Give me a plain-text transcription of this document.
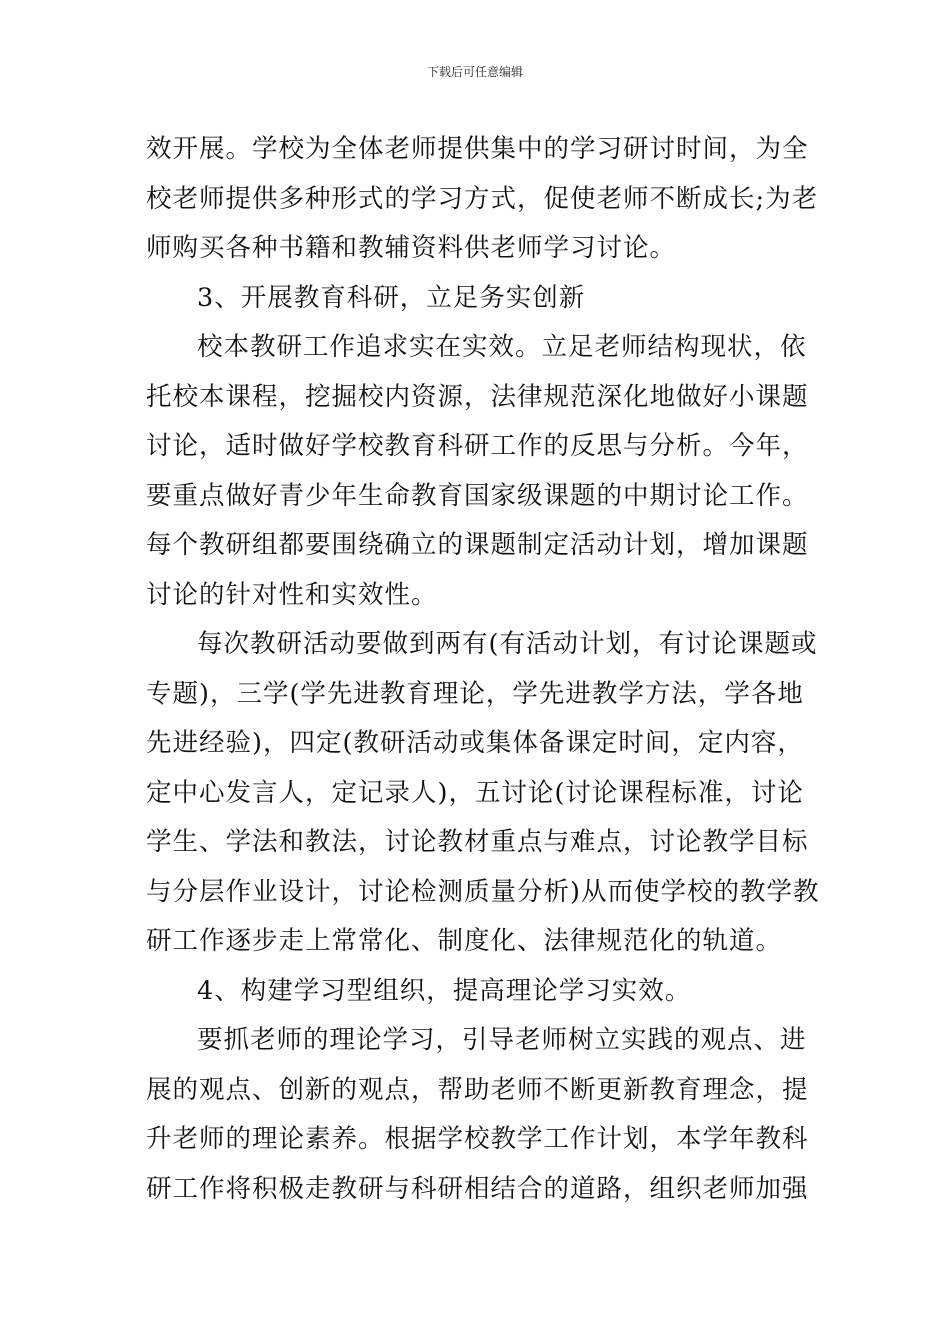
下载后可任意编辑
效开展。学校为全体老师提供集中的学习研讨时间，为全
校老师提供多种形式的学习方式，促使老师不断成长;为老
师购买各种书籍和教辅资料供老师学习讨论。
3、开展教育科研，立足务实创新
校本教研工作追求实在实效。立足老师结构现状，依
托校本课程，挖掘校内资源，法律规范深化地做好小课题
讨论，适时做好学校教育科研工作的反思与分析。今年，
要重点做好青少年生命教育国家级课题的中期讨论工作。
每个教研组都要围绕确立的课题制定活动计划，增加课题
讨论的针对性和实效性。
每次教研活动要做到两有(有活动计划，有讨论课题或
专题)，三学(学先进教育理论，学先进教学方法，学各地
先进经验)，四定(教研活动或集体备课定时间，定内容，
定中心发言人，定记录人)，五讨论(讨论课程标准，讨论
学生、学法和教法，讨论教材重点与难点，讨论教学目标
与分层作业设计，讨论检测质量分析)从而使学校的教学教
研工作逐步走上常常化、制度化、法律规范化的轨道。
4、构建学习型组织，提高理论学习实效。
要抓老师的理论学习，引导老师树立实践的观点、进
展的观点、创新的观点，帮助老师不断更新教育理念，提
升老师的理论素养。根据学校教学工作计划，本学年教科
研工作将积极走教研与科研相结合的道路，组织老师加强
